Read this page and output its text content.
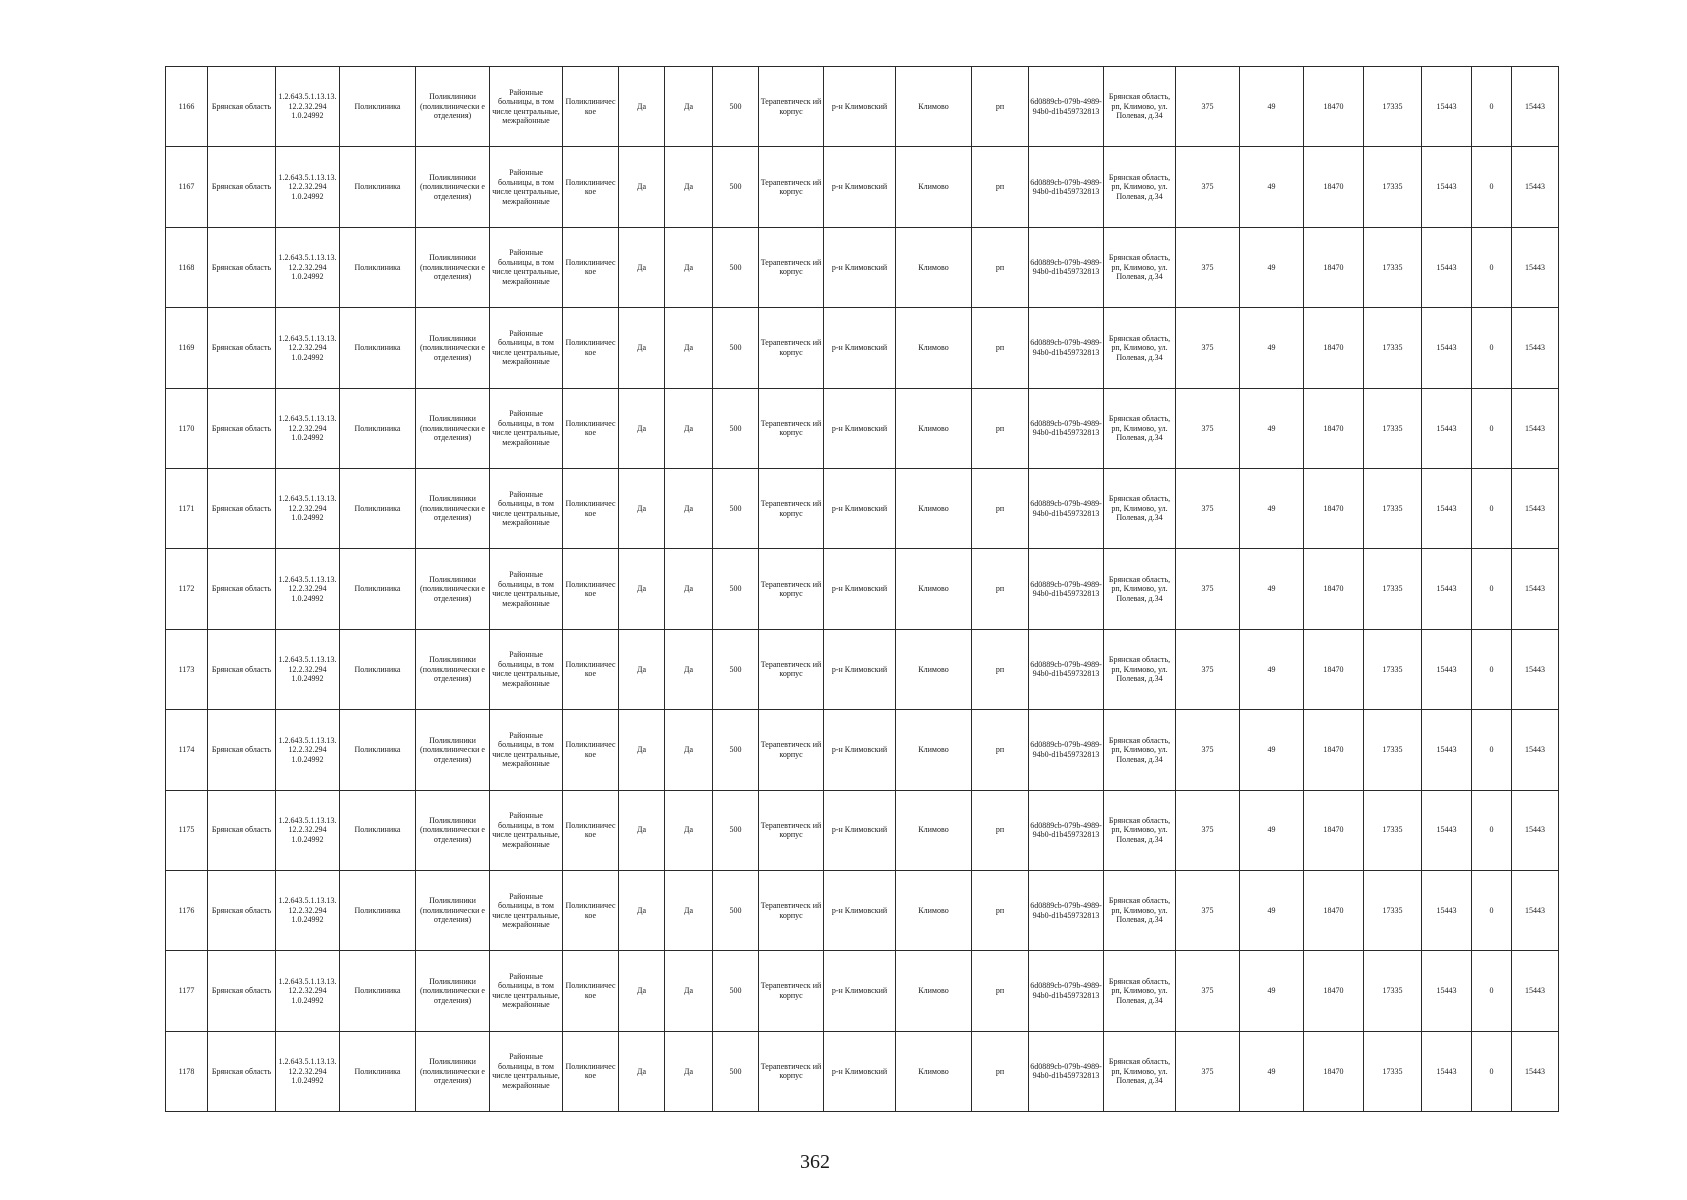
1166	Брянская область	1.2.643.5.1.13.13.12.2.32.294 1.0.24992	Поликлиника	Поликлиники (поликлинически е отделения)	Районные больницы, в том числе центральные, межрайонные	Поликлиничес кое	Да	Да	500	Терапевтическ ий корпус	р-н Климовский	Климово	рп	6d0889cb-079b-4989-94b0-d1b459732813	Брянская область, рп, Климово, ул. Полевая, д.34	375	49	18470	17335	15443	0	15443
1167	Брянская область	1.2.643.5.1.13.13.12.2.32.294 1.0.24992	Поликлиника	Поликлиники (поликлинически е отделения)	Районные больницы, в том числе центральные, межрайонные	Поликлиничес кое	Да	Да	500	Терапевтическ ий корпус	р-н Климовский	Климово	рп	6d0889cb-079b-4989-94b0-d1b459732813	Брянская область, рп, Климово, ул. Полевая, д.34	375	49	18470	17335	15443	0	15443
1168	Брянская область	1.2.643.5.1.13.13.12.2.32.294 1.0.24992	Поликлиника	Поликлиники (поликлинически е отделения)	Районные больницы, в том числе центральные, межрайонные	Поликлиничес кое	Да	Да	500	Терапевтическ ий корпус	р-н Климовский	Климово	рп	6d0889cb-079b-4989-94b0-d1b459732813	Брянская область, рп, Климово, ул. Полевая, д.34	375	49	18470	17335	15443	0	15443
1169	Брянская область	1.2.643.5.1.13.13.12.2.32.294 1.0.24992	Поликлиника	Поликлиники (поликлинически е отделения)	Районные больницы, в том числе центральные, межрайонные	Поликлиничес кое	Да	Да	500	Терапевтическ ий корпус	р-н Климовский	Климово	рп	6d0889cb-079b-4989-94b0-d1b459732813	Брянская область, рп, Климово, ул. Полевая, д.34	375	49	18470	17335	15443	0	15443
1170	Брянская область	1.2.643.5.1.13.13.12.2.32.294 1.0.24992	Поликлиника	Поликлиники (поликлинически е отделения)	Районные больницы, в том числе центральные, межрайонные	Поликлиничес кое	Да	Да	500	Терапевтическ ий корпус	р-н Климовский	Климово	рп	6d0889cb-079b-4989-94b0-d1b459732813	Брянская область, рп, Климово, ул. Полевая, д.34	375	49	18470	17335	15443	0	15443
1171	Брянская область	1.2.643.5.1.13.13.12.2.32.294 1.0.24992	Поликлиника	Поликлиники (поликлинически е отделения)	Районные больницы, в том числе центральные, межрайонные	Поликлиничес кое	Да	Да	500	Терапевтическ ий корпус	р-н Климовский	Климово	рп	6d0889cb-079b-4989-94b0-d1b459732813	Брянская область, рп, Климово, ул. Полевая, д.34	375	49	18470	17335	15443	0	15443
1172	Брянская область	1.2.643.5.1.13.13.12.2.32.294 1.0.24992	Поликлиника	Поликлиники (поликлинически е отделения)	Районные больницы, в том числе центральные, межрайонные	Поликлиничес кое	Да	Да	500	Терапевтическ ий корпус	р-н Климовский	Климово	рп	6d0889cb-079b-4989-94b0-d1b459732813	Брянская область, рп, Климово, ул. Полевая, д.34	375	49	18470	17335	15443	0	15443
1173	Брянская область	1.2.643.5.1.13.13.12.2.32.294 1.0.24992	Поликлиника	Поликлиники (поликлинически е отделения)	Районные больницы, в том числе центральные, межрайонные	Поликлиничес кое	Да	Да	500	Терапевтическ ий корпус	р-н Климовский	Климово	рп	6d0889cb-079b-4989-94b0-d1b459732813	Брянская область, рп, Климово, ул. Полевая, д.34	375	49	18470	17335	15443	0	15443
1174	Брянская область	1.2.643.5.1.13.13.12.2.32.294 1.0.24992	Поликлиника	Поликлиники (поликлинически е отделения)	Районные больницы, в том числе центральные, межрайонные	Поликлиничес кое	Да	Да	500	Терапевтическ ий корпус	р-н Климовский	Климово	рп	6d0889cb-079b-4989-94b0-d1b459732813	Брянская область, рп, Климово, ул. Полевая, д.34	375	49	18470	17335	15443	0	15443
1175	Брянская область	1.2.643.5.1.13.13.12.2.32.294 1.0.24992	Поликлиника	Поликлиники (поликлинически е отделения)	Районные больницы, в том числе центральные, межрайонные	Поликлиничес кое	Да	Да	500	Терапевтическ ий корпус	р-н Климовский	Климово	рп	6d0889cb-079b-4989-94b0-d1b459732813	Брянская область, рп, Климово, ул. Полевая, д.34	375	49	18470	17335	15443	0	15443
1176	Брянская область	1.2.643.5.1.13.13.12.2.32.294 1.0.24992	Поликлиника	Поликлиники (поликлинически е отделения)	Районные больницы, в том числе центральные, межрайонные	Поликлиничес кое	Да	Да	500	Терапевтическ ий корпус	р-н Климовский	Климово	рп	6d0889cb-079b-4989-94b0-d1b459732813	Брянская область, рп, Климово, ул. Полевая, д.34	375	49	18470	17335	15443	0	15443
1177	Брянская область	1.2.643.5.1.13.13.12.2.32.294 1.0.24992	Поликлиника	Поликлиники (поликлинически е отделения)	Районные больницы, в том числе центральные, межрайонные	Поликлиничес кое	Да	Да	500	Терапевтическ ий корпус	р-н Климовский	Климово	рп	6d0889cb-079b-4989-94b0-d1b459732813	Брянская область, рп, Климово, ул. Полевая, д.34	375	49	18470	17335	15443	0	15443
1178	Брянская область	1.2.643.5.1.13.13.12.2.32.294 1.0.24992	Поликлиника	Поликлиники (поликлинически е отделения)	Районные больницы, в том числе центральные, межрайонные	Поликлиничес кое	Да	Да	500	Терапевтическ ий корпус	р-н Климовский	Климово	рп	6d0889cb-079b-4989-94b0-d1b459732813	Брянская область, рп, Климово, ул. Полевая, д.34	375	49	18470	17335	15443	0	15443
362
